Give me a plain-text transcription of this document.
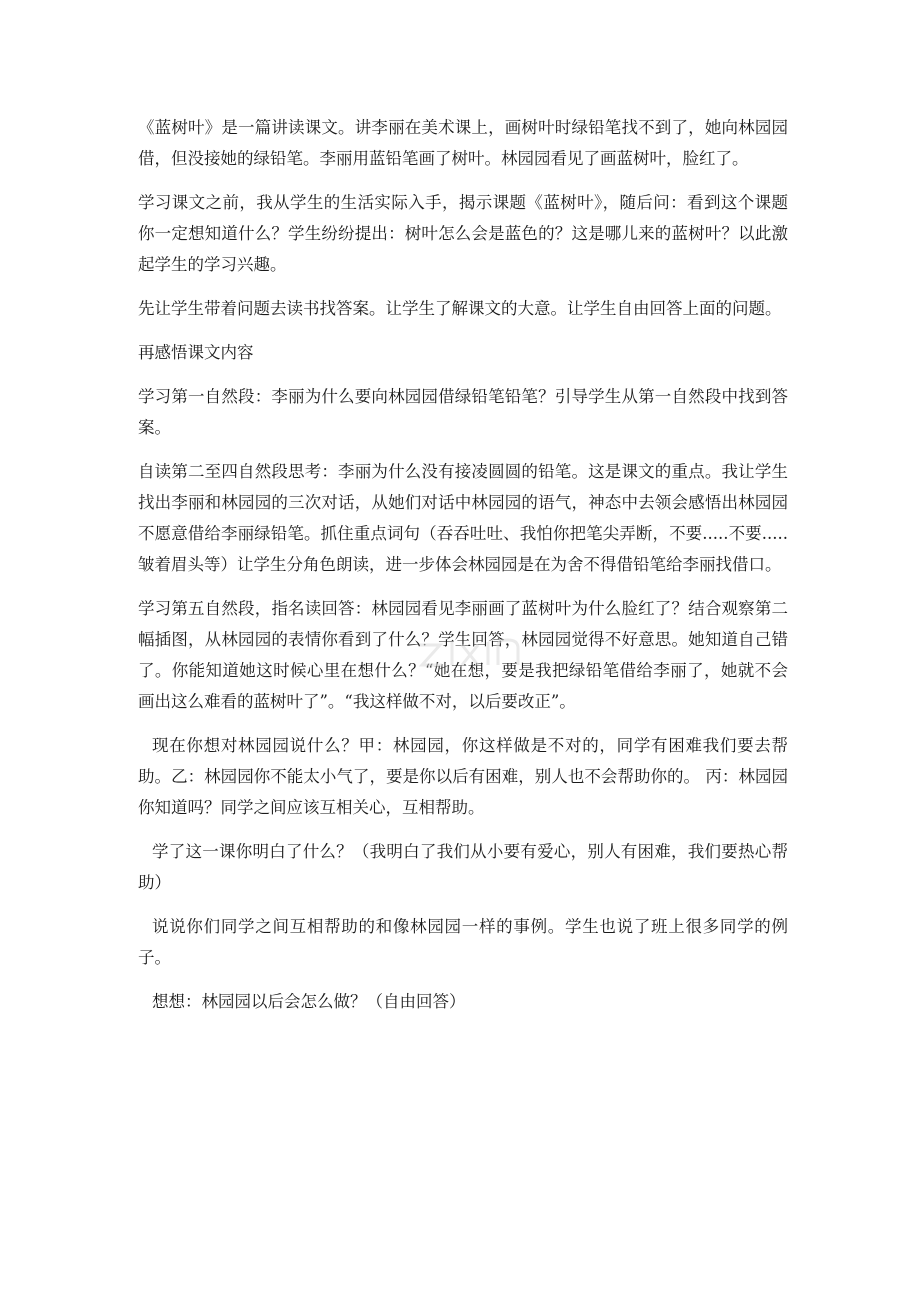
《蓝树叶》是一篇讲读课文。讲李丽在美术课上，画树叶时绿铅笔找不到了，她向林园园借，但没接她的绿铅笔。李丽用蓝铅笔画了树叶。林园园看见了画蓝树叶，脸红了。

学习课文之前，我从学生的生活实际入手，揭示课题《蓝树叶》，随后问：看到这个课题你一定想知道什么？学生纷纷提出：树叶怎么会是蓝色的？这是哪儿来的蓝树叶？以此激起学生的学习兴趣。

先让学生带着问题去读书找答案。让学生了解课文的大意。让学生自由回答上面的问题。

再感悟课文内容

学习第一自然段：李丽为什么要向林园园借绿铅笔铅笔？引导学生从第一自然段中找到答案。

自读第二至四自然段思考：李丽为什么没有接凌圆圆的铅笔。这是课文的重点。我让学生找出李丽和林园园的三次对话，从她们对话中林园园的语气，神态中去领会感悟出林园园不愿意借给李丽绿铅笔。抓住重点词句（吞吞吐吐、我怕你把笔尖弄断，不要.....不要..... 皱着眉头等）让学生分角色朗读，进一步体会林园园是在为舍不得借铅笔给李丽找借口。

学习第五自然段，指名读回答：林园园看见李丽画了蓝树叶为什么脸红了？结合观察第二幅插图，从林园园的表情你看到了什么？学生回答，林园园觉得不好意思。她知道自己错了。你能知道她这时候心里在想什么？“她在想，要是我把绿铅笔借给李丽了，她就不会画出这么难看的蓝树叶了”。“我这样做不对，以后要改正”。

现在你想对林园园说什么？甲：林园园，你这样做是不对的，同学有困难我们要去帮助。乙：林园园你不能太小气了，要是你以后有困难，别人也不会帮助你的。 丙：林园园你知道吗？同学之间应该互相关心，互相帮助。

学了这一课你明白了什么？（我明白了我们从小要有爱心，别人有困难，我们要热心帮助）

说说你们同学之间互相帮助的和像林园园一样的事例。学生也说了班上很多同学的例子。

想想：林园园以后会怎么做？（自由回答）
